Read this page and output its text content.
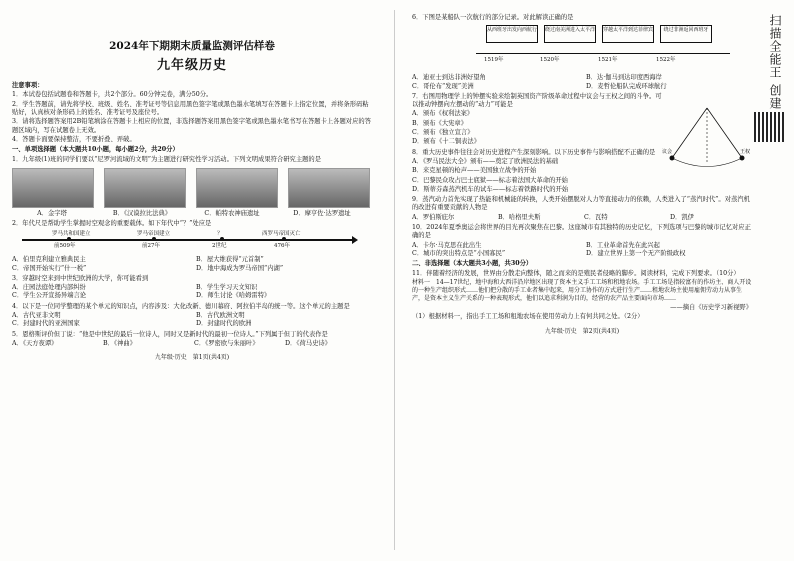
2024年下期期末质量监测评估样卷
九年级历史

注意事项：

1．本试卷包括试题卷和答题卡，共2个部分。60分钟完卷，满分50分。

2．学生答题前，请先将学校、班级、姓名、准考证号等信息用黑色签字笔或黑色墨水笔填写在答题卡上指定位置，并将条形码粘贴好，认真核对条形码上的姓名、准考证号及座位号。

3．请将选择题答案用2B铅笔填涂在答题卡上相应的位置，非选择题答案用黑色签字笔或黑色墨水笔书写在答题卡上各题对应的答题区域内，写在试题卷上无效。

4．答题卡面要保持整洁，不要折叠、弄破。

一、单项选择题（本大题共10小题，每小题2分，共20分）

1．九年级(1)班的同学们要以“尼罗河流域的文明”为主题进行研究性学习活动。下列文明成果符合研究主题的是

A．金字塔	B．《汉谟拉比法典》	C．帕特农神庙遗址	D．摩亨佐·达罗遗址

2．年代尺是帮助学生掌握时空观念的重要载体。如下年代中“？”处应是

罗马共和国建立	罗马帝国建立	？	西罗马帝国灭亡
前509年	前27年	2世纪	476年
A．伯里克利建立雅典民主	B．屋大维获得“元首制”
C．帝国开始实行“什一税”	D．地中海成为罗马帝国“内湖”

3．穿越时空来到中世纪欧洲的大学，你可能看到

A．庄园法庭处理内部纠纷	B．学生学习天文知识
C．学生公开宣扬异端言论	D．师生讨论《哈姆雷特》

4．以下是一位同学整理的某个单元的知识点，内容涉及：大化改新、德川幕府、阿拉伯半岛的统一等。这个单元的主题是

A．古代亚非文明	B．古代欧洲文明
C．封建时代的亚洲国家	D．封建时代的欧洲

5．恩格斯评价但丁说：“他是中世纪的最后一位诗人，同时又是新时代的最初一位诗人。”下列属于但丁的代表作是

A．《天方夜谭》	B．《神曲》	C．《罗密欧与朱丽叶》	D．《荷马史诗》
九年级·历史　第1页(共4页)

6．下图是某船队一次航行的部分记录。对此解读正确的是

从西班牙出发向西航行 绕过南美洲进入太平洋 穿越太平洋到达菲律宾	绕过非洲返回西班牙
1519年	1520年	1521年	1522年
A．迪亚士到达非洲好望角	B．达·伽马到达印度西海岸
C．哥伦布“发现”美洲	D．麦哲伦船队完成环球航行

7．右图用物理学上的钟摆实验来绘制英国资产阶级革命过程中议会与王权之间的斗争。可以推动钟摆向左摆动的“动力”可能是

议会	王权

A．颁布《权利法案》

B．颁布《大宪章》

C．颁布《独立宣言》

D．颁布《十二铜表法》

8．重大历史事件往往会对历史进程产生深刻影响。以下历史事件与影响搭配不正确的是

A．《罗马民法大全》颁布——奠定了欧洲民法的基础

B．来克星顿的枪声——美国独立战争的开始

C．巴黎民众攻占巴士底狱——标志着法国大革命的开始

D．斯蒂芬森蒸汽机车的试车——标志着铁路时代的开始

9．蒸汽动力首先实现了热能和机械能的转换，人类开始摆脱对人力等直接动力的依赖，人类进入了“蒸汽时代”。对蒸汽机的改进有重要贡献的人物是

A．罗伯斯庇尔	B．哈格里夫斯	C．瓦特	D．凯伊

10．2024年夏季奥运会将世界的目光再次聚焦在巴黎。这座城市有其独特的历史记忆，下列选项与巴黎的城市记忆对应正确的是

A．卡尔·马克思在此出生	B．工业革命首先在此兴起
C．城市的突出特点是“小国寡民”	D．建立世界上第一个无产阶级政权

二、非选择题（本大题共3小题，共30分）

11．伴随着经济的发展，世界由分散走向整体，随之而来的是殖民者侵略的脚步。阅读材料，完成下列要求。（10分）

材料一　14—17世纪，地中海和大西洋沿岸地区出现了资本主义手工工场和租地农场。手工工场是指较富有的作坊主、商人开设的一种生产组织形式……他们把分散的手工业者集中起来，用分工协作的方式进行生产……租地农场主使用雇佣劳动力从事生产，是资本主义生产关系的一种表现形式，他们以追求利润为目的，经营的农产品主要面向市场……

——摘自《历史学习新视野》

（1）根据材料一，指出手工工场和租地农场在使用劳动力上有何共同之处。（2分）

九年级·历史　第2页(共4页)
扫描全能王 创建
